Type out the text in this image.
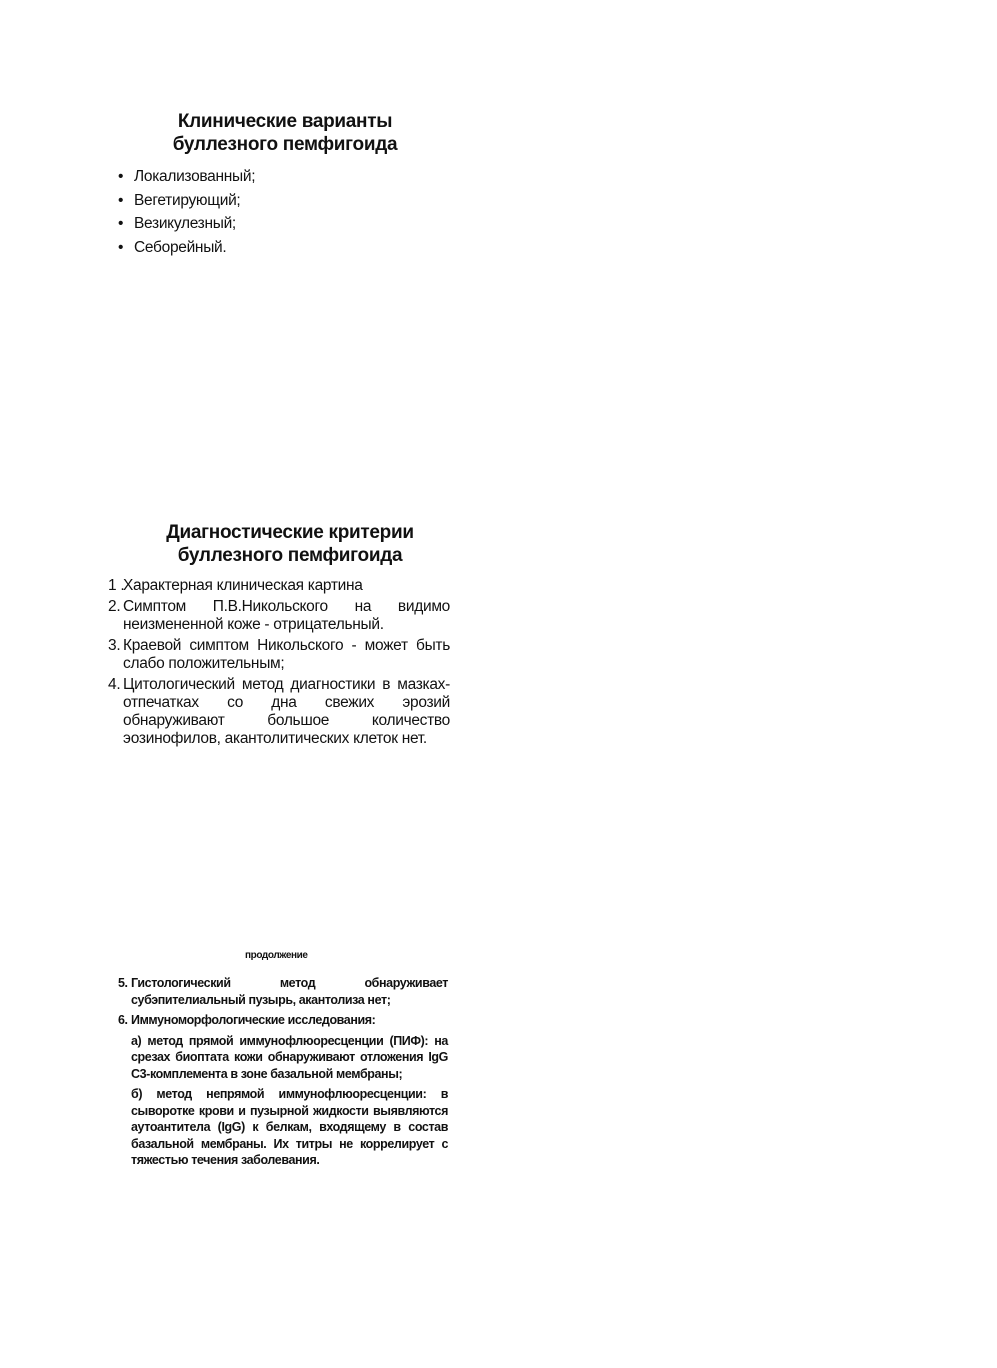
Клинические варианты
буллезного пемфигоида
• Локализованный;
• Вегетирующий;
• Везикулезный;
• Себорейный.
Диагностические критерии
буллезного пемфигоида
1 .
Характерная клиническая картина
2. Симптом П.В.Никольского на видимо неизмененной коже - отрицательный.
3. Краевой симптом Никольского - может быть слабо положительным;
4. Цитологический метод диагностики в мазках-отпечатках со дна свежих эрозий обнаруживают большое количество эозинофилов, акантолитических клеток нет.
продолжение
5. Гистологический метод обнаруживает субэпителиальный пузырь, акантолиза нет;
6. Иммуноморфологические исследования:
а) метод прямой иммунофлюоресценции (ПИФ): на срезах биоптата кожи обнаруживают отложения IgG С3-комплемента в зоне базальной мембраны;
б) метод непрямой иммунофлюоресценции: в сыворотке крови и пузырной жидкости выявляются аутоантитела (IgG) к белкам, входящему в состав базальной мембраны. Их титры не коррелирует с тяжестью течения заболевания.
